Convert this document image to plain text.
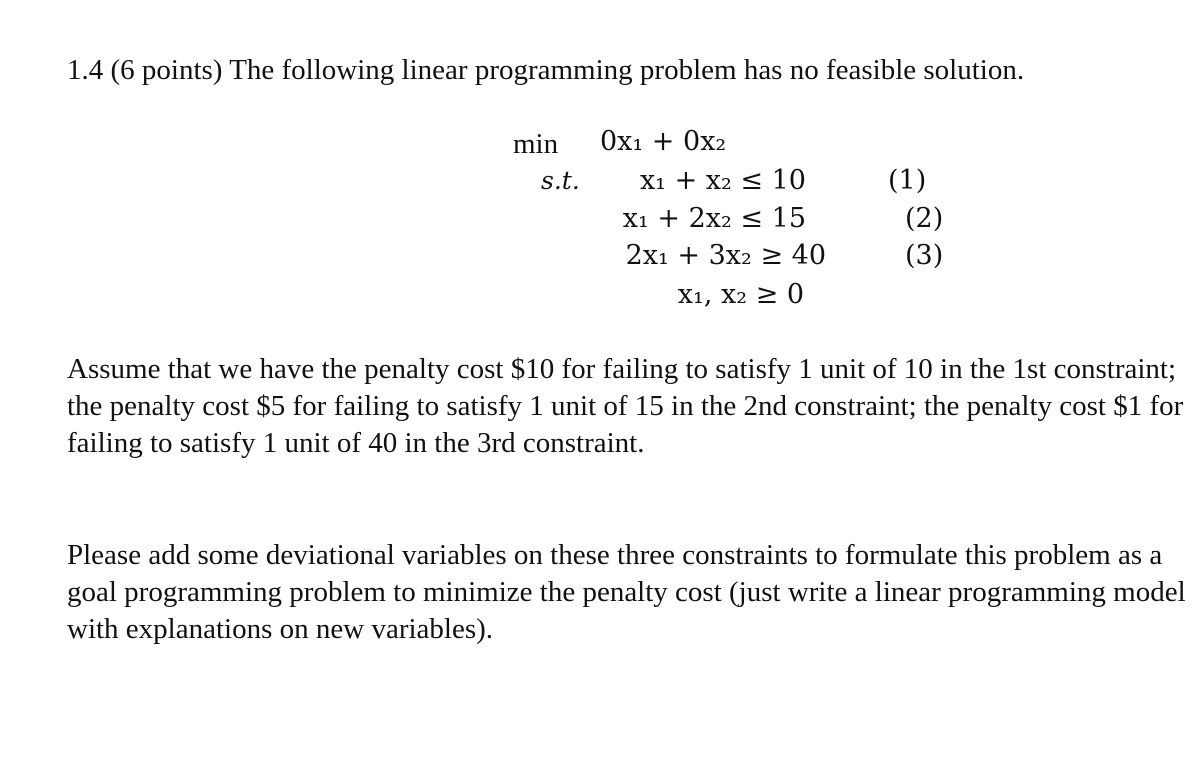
1.4 (6 points) The following linear programming problem has no feasible solution.

min
s.t.
0x₁ + 0x₂
x₁ + x₂ ≤ 10
x₁ + 2x₂ ≤ 15
2x₁ + 3x₂ ≥ 40
x₁, x₂ ≥ 0
(1)
(2)
(3)

Assume that we have the penalty cost $10 for failing to satisfy 1 unit of 10 in the 1st constraint; the penalty cost $5 for failing to satisfy 1 unit of 15 in the 2nd constraint; the penalty cost $1 for failing to satisfy 1 unit of 40 in the 3rd constraint.

Please add some deviational variables on these three constraints to formulate this problem as a goal programming problem to minimize the penalty cost (just write a linear programming model with explanations on new variables).
